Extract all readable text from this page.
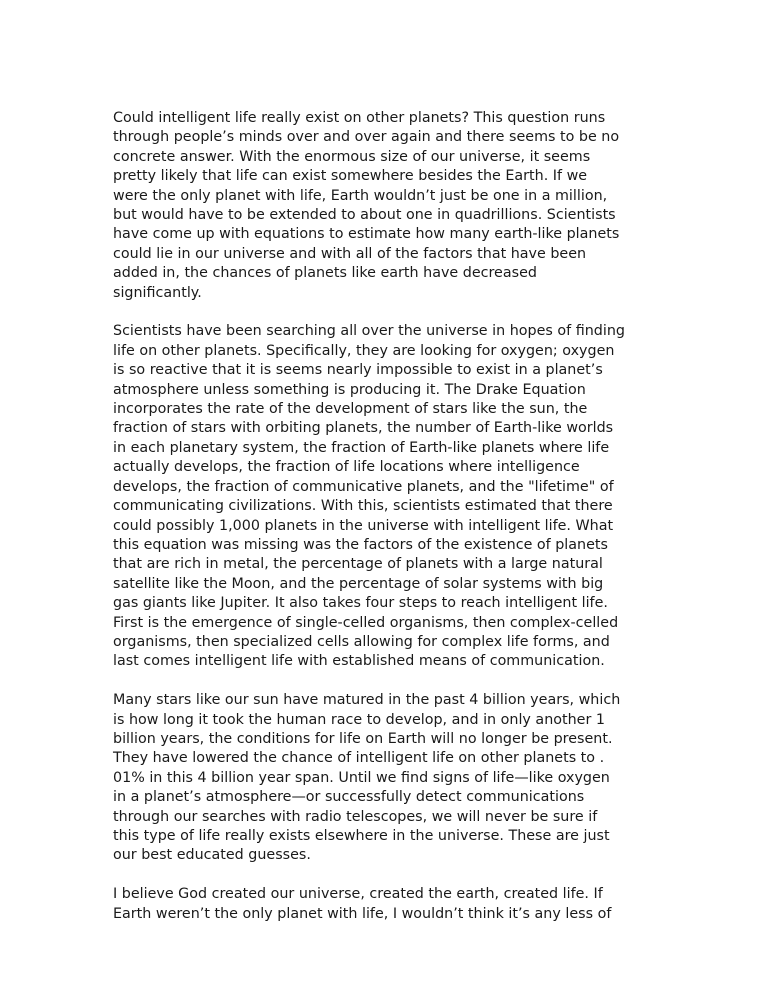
Could intelligent life really exist on other planets? This question runs
through people’s minds over and over again and there seems to be no
concrete answer. With the enormous size of our universe, it seems
pretty likely that life can exist somewhere besides the Earth. If we
were the only planet with life, Earth wouldn’t just be one in a million,
but would have to be extended to about one in quadrillions. Scientists
have come up with equations to estimate how many earth-like planets
could lie in our universe and with all of the factors that have been
added in, the chances of planets like earth have decreased
significantly.

Scientists have been searching all over the universe in hopes of finding
life on other planets. Specifically, they are looking for oxygen; oxygen
is so reactive that it is seems nearly impossible to exist in a planet’s
atmosphere unless something is producing it. The Drake Equation
incorporates the rate of the development of stars like the sun, the
fraction of stars with orbiting planets, the number of Earth-like worlds
in each planetary system, the fraction of Earth-like planets where life
actually develops, the fraction of life locations where intelligence
develops, the fraction of communicative planets, and the "lifetime" of
communicating civilizations. With this, scientists estimated that there
could possibly 1,000 planets in the universe with intelligent life. What
this equation was missing was the factors of the existence of planets
that are rich in metal, the percentage of planets with a large natural
satellite like the Moon, and the percentage of solar systems with big
gas giants like Jupiter. It also takes four steps to reach intelligent life.
First is the emergence of single-celled organisms, then complex-celled
organisms, then specialized cells allowing for complex life forms, and
last comes intelligent life with established means of communication.

Many stars like our sun have matured in the past 4 billion years, which
is how long it took the human race to develop, and in only another 1
billion years, the conditions for life on Earth will no longer be present.
They have lowered the chance of intelligent life on other planets to .
01% in this 4 billion year span. Until we find signs of life—like oxygen
in a planet’s atmosphere—or successfully detect communications
through our searches with radio telescopes, we will never be sure if
this type of life really exists elsewhere in the universe. These are just
our best educated guesses.

I believe God created our universe, created the earth, created life. If
Earth weren’t the only planet with life, I wouldn’t think it’s any less of
